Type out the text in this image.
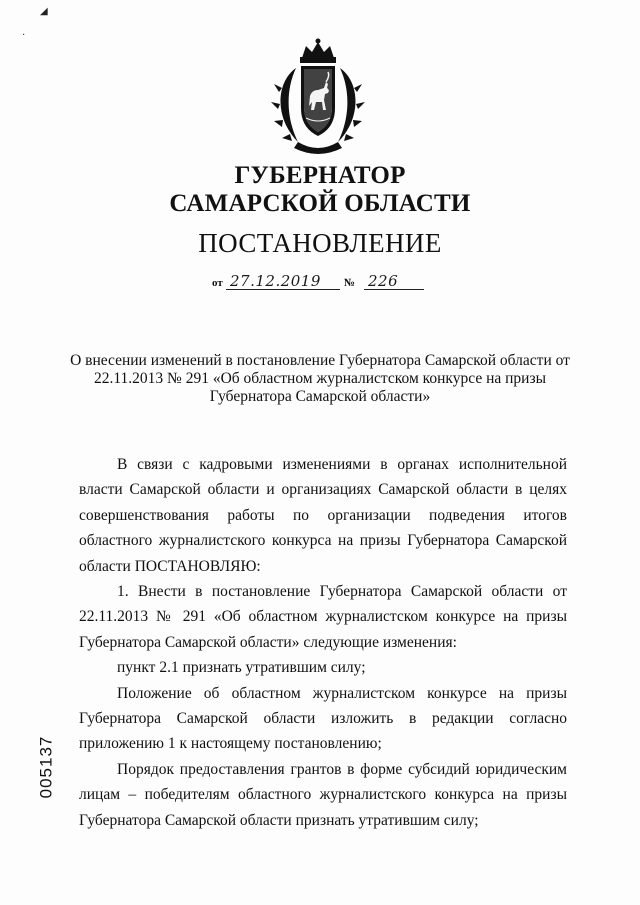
◢
·
ГУБЕРНАТОР
САМАРСКОЙ ОБЛАСТИ
ПОСТАНОВЛЕНИЕ
от 27.12.2019 № 226
О внесении изменений в постановление Губернатора Самарской области от 22.11.2013 № 291 «Об областном журналистском конкурсе на призы Губернатора Самарской области»

В связи с кадровыми изменениями в органах исполнительной власти Самарской области и организациях Самарской области в целях совершенствования работы по организации подведения итогов областного журналистского конкурса на призы Губернатора Самарской области ПОСТАНОВЛЯЮ:

1. Внести в постановление Губернатора Самарской области от 22.11.2013 № 291 «Об областном журналистском конкурсе на призы Губернатора Самарской области» следующие изменения:

пункт 2.1 признать утратившим силу;

Положение об областном журналистском конкурсе на призы Губернатора Самарской области изложить в редакции согласно приложению 1 к настоящему постановлению;

Порядок предоставления грантов в форме субсидий юридическим лицам – победителям областного журналистского конкурса на призы Губернатора Самарской области признать утратившим силу;

005137
